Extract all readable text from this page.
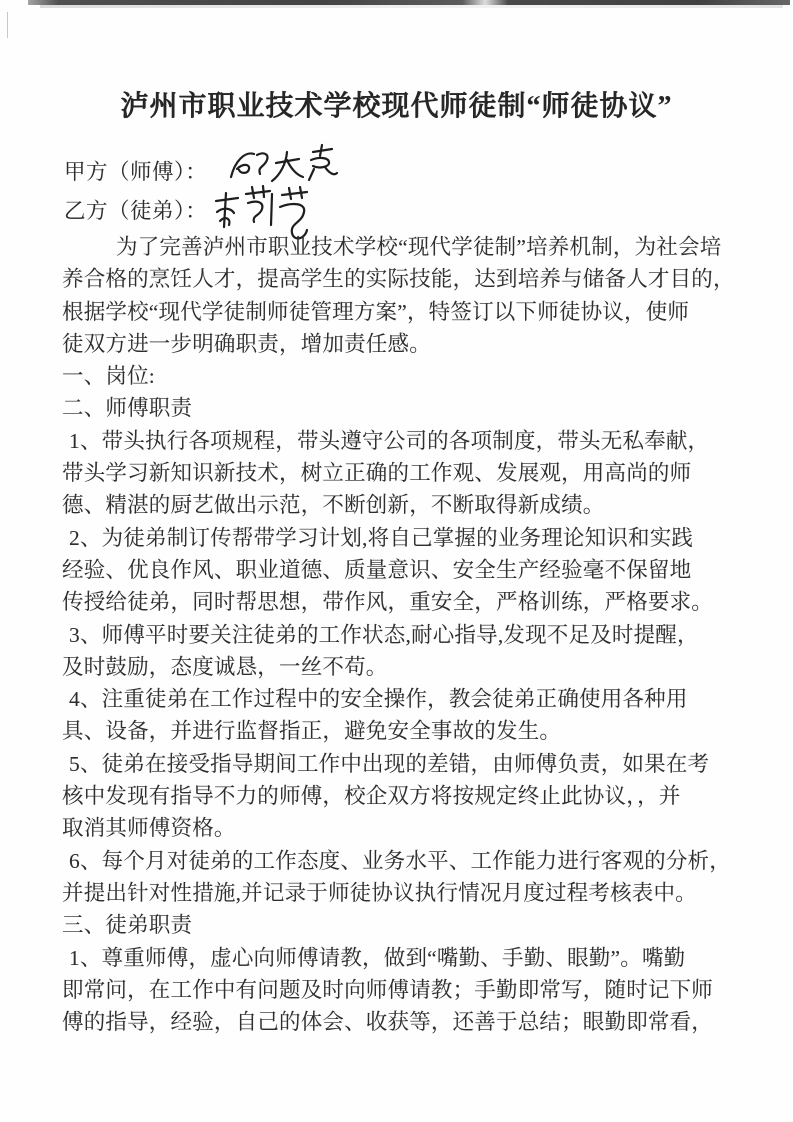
泸州市职业技术学校现代师徒制“师徒协议”
甲方（师傅）：
乙方（徒弟）：
为了完善泸州市职业技术学校“现代学徒制”培养机制，为社会培
养合格的烹饪人才，提高学生的实际技能，达到培养与储备人才目的，
根据学校“现代学徒制师徒管理方案”，特签订以下师徒协议，使师
徒双方进一步明确职责，增加责任感。
一、岗位:
二、师傅职责
1、带头执行各项规程，带头遵守公司的各项制度，带头无私奉献，
带头学习新知识新技术，树立正确的工作观、发展观，用高尚的师
德、精湛的厨艺做出示范，不断创新，不断取得新成绩。
2、为徒弟制订传帮带学习计划,将自己掌握的业务理论知识和实践
经验、优良作风、职业道德、质量意识、安全生产经验毫不保留地
传授给徒弟，同时帮思想，带作风，重安全，严格训练，严格要求。
3、师傅平时要关注徒弟的工作状态,耐心指导,发现不足及时提醒，
及时鼓励，态度诚恳，一丝不苟。
4、注重徒弟在工作过程中的安全操作，教会徒弟正确使用各种用
具、设备，并进行监督指正，避免安全事故的发生。
5、徒弟在接受指导期间工作中出现的差错，由师傅负责，如果在考
核中发现有指导不力的师傅，校企双方将按规定终止此协议，，并
取消其师傅资格。
6、每个月对徒弟的工作态度、业务水平、工作能力进行客观的分析，
并提出针对性措施,并记录于师徒协议执行情况月度过程考核表中。
三、徒弟职责
1、尊重师傅，虚心向师傅请教，做到“嘴勤、手勤、眼勤”。嘴勤
即常问，在工作中有问题及时向师傅请教；手勤即常写，随时记下师
傅的指导，经验，自己的体会、收获等，还善于总结；眼勤即常看，
